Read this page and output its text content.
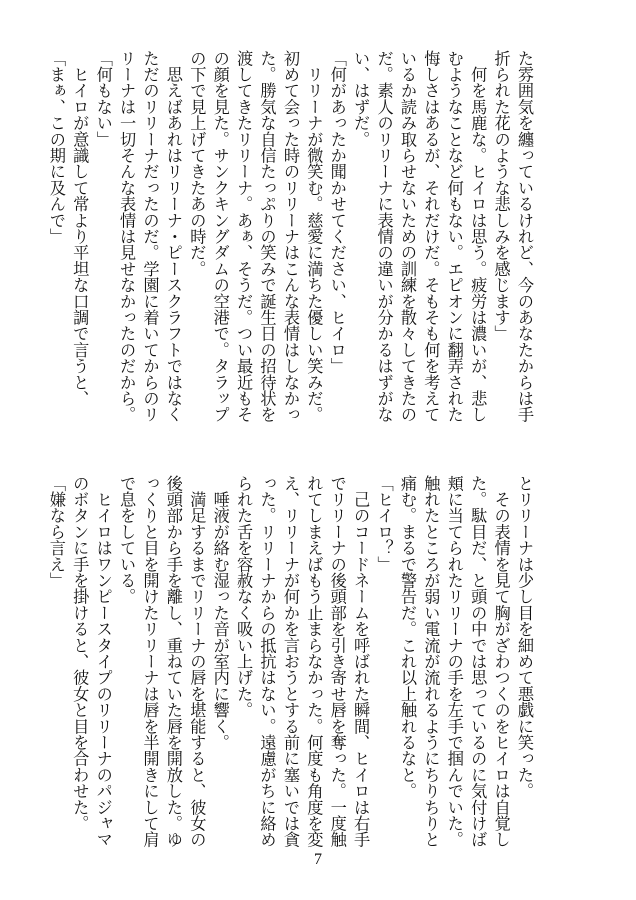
た雰囲気を纏っているけれど、今のあなたからは手
折られた花のような悲しみを感じます」
　何を馬鹿な。ヒイロは思う。疲労は濃いが、悲し
むようなことなど何もない。エピオンに翻弄された
悔しさはあるが、それだけだ。そもそも何を考えて
いるか読み取らせないための訓練を散々してきたの
だ。素人のリリーナに表情の違いが分かるはずがな
い、はずだ。
「何があったか聞かせてください、ヒイロ」
　リリーナが微笑む。慈愛に満ちた優しい笑みだ。
初めて会った時のリリーナはこんな表情はしなかっ
た。勝気な自信たっぷりの笑みで誕生日の招待状を
渡してきたリリーナ。あぁ、そうだ。つい最近もそ
の顔を見た。サンクキングダムの空港で。タラップ
の下で見上げてきたあの時だ。
　思えばあれはリリーナ・ピースクラフトではなく
ただのリリーナだったのだ。学園に着いてからのリ
リーナは一切そんな表情は見せなかったのだから。
「何もない」
　ヒイロが意識して常より平坦な口調で言うと、
「まぁ、この期に及んで」
とリリーナは少し目を細めて悪戯に笑った。
　その表情を見て胸がざわつくのをヒイロは自覚し
た。駄目だ、と頭の中では思っているのに気付けば
頬に当てられたリリーナの手を左手で掴んでいた。
触れたところが弱い電流が流れるようにちりちりと
痛む。まるで警告だ。これ以上触れるなと。
「ヒイロ？」
　己のコードネームを呼ばれた瞬間、ヒイロは右手
でリリーナの後頭部を引き寄せ唇を奪った。一度触
れてしまえばもう止まらなかった。何度も角度を変
え、リリーナが何かを言おうとする前に塞いでは貪
った。リリーナからの抵抗はない。遠慮がちに絡め
られた舌を容赦なく吸い上げた。
　唾液が絡む湿った音が室内に響く。
　満足するまでリリーナの唇を堪能すると、彼女の
後頭部から手を離し、重ねていた唇を開放した。ゆ
っくりと目を開けたリリーナは唇を半開きにして肩
で息をしている。
　ヒイロはワンピースタイプのリリーナのパジャマ
のボタンに手を掛けると、彼女と目を合わせた。
「嫌なら言え」
7
